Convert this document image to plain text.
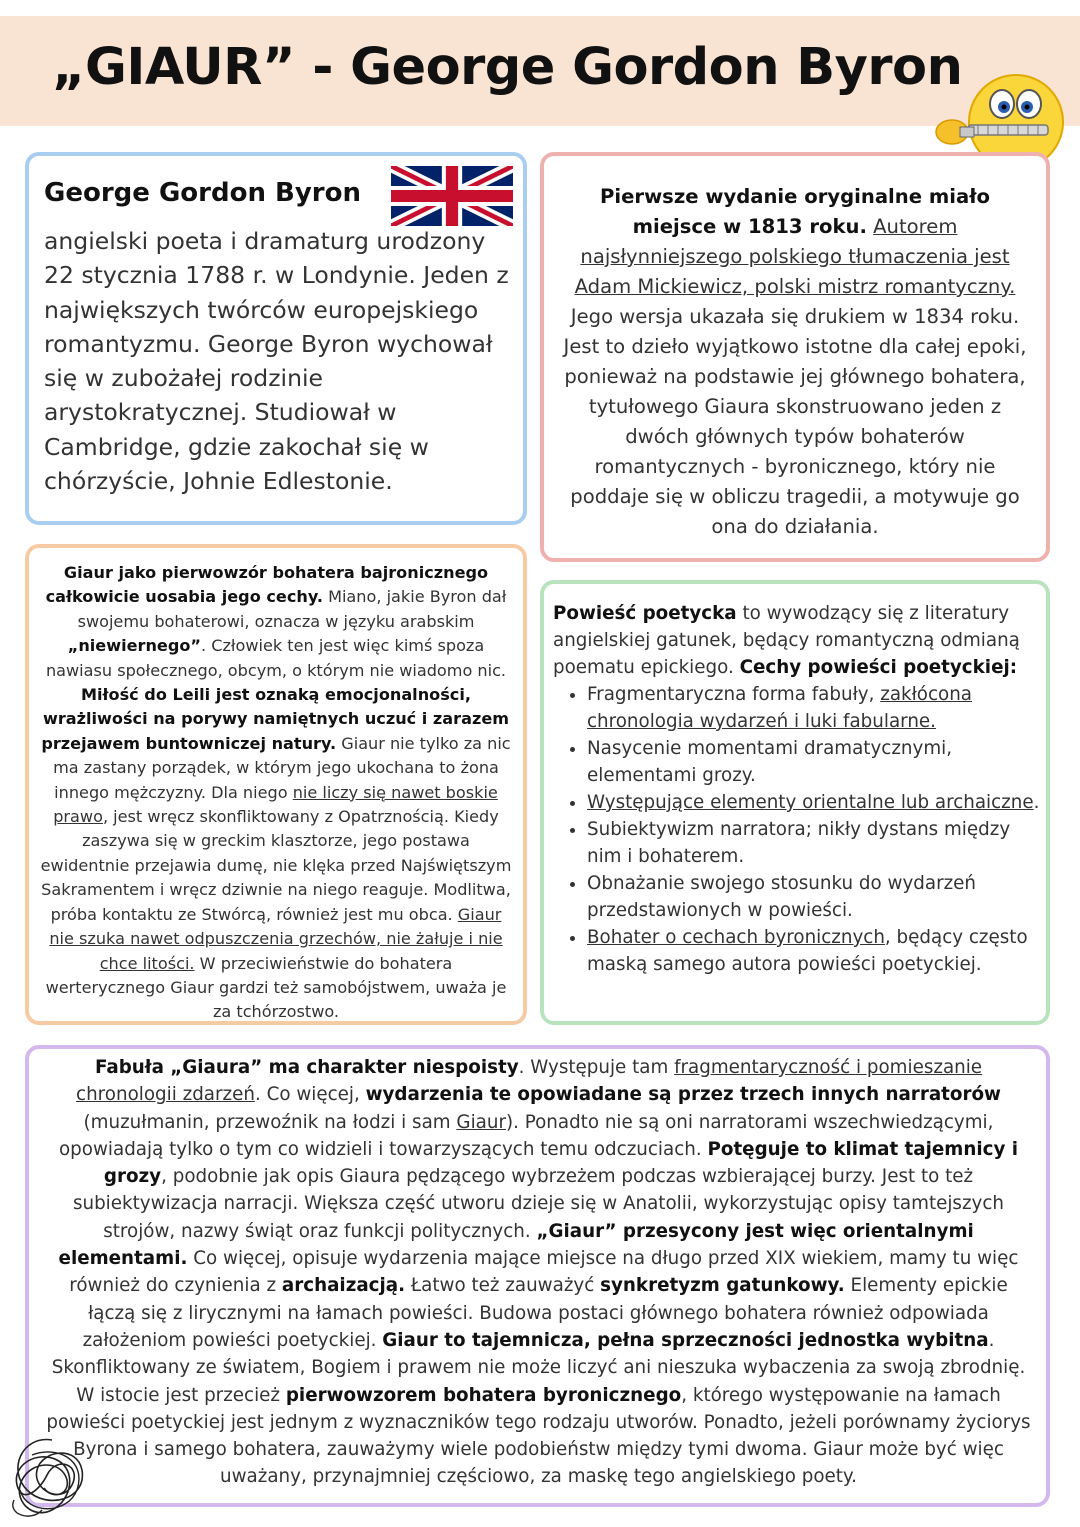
„GIAUR” - George Gordon Byron
George Gordon Byron
angielski poeta i dramaturg urodzony 22 stycznia 1788 r. w Londynie. Jeden z największych twórców europejskiego romantyzmu. George Byron wychował się w zubożałej rodzinie arystokratycznej. Studiował w Cambridge, gdzie zakochał się w chórzyście, Johnie Edlestonie.
Pierwsze wydanie oryginalne miało miejsce w 1813 roku. Autorem najsłynniejszego polskiego tłumaczenia jest Adam Mickiewicz, polski mistrz romantyczny. Jego wersja ukazała się drukiem w 1834 roku. Jest to dzieło wyjątkowo istotne dla całej epoki, ponieważ na podstawie jej głównego bohatera, tytułowego Giaura skonstruowano jeden z dwóch głównych typów bohaterów romantycznych - byronicznego, który nie poddaje się w obliczu tragedii, a motywuje go ona do działania.
Giaur jako pierwowzór bohatera bajronicznego całkowicie uosabia jego cechy. Miano, jakie Byron dał swojemu bohaterowi, oznacza w języku arabskim „niewiernego”. Człowiek ten jest więc kimś spoza nawiasu społecznego, obcym, o którym nie wiadomo nic. Miłość do Leili jest oznaką emocjonalności, wrażliwości na porywy namiętnych uczuć i zarazem przejawem buntowniczej natury. Giaur nie tylko za nic ma zastany porządek, w którym jego ukochana to żona innego mężczyzny. Dla niego nie liczy się nawet boskie prawo, jest wręcz skonfliktowany z Opatrznością. Kiedy zaszywa się w greckim klasztorze, jego postawa ewidentnie przejawia dumę, nie klęka przed Najświętszym Sakramentem i wręcz dziwnie na niego reaguje. Modlitwa, próba kontaktu ze Stwórcą, również jest mu obca. Giaur nie szuka nawet odpuszczenia grzechów, nie żałuje i nie chce litości. W przeciwieństwie do bohatera werterycznego Giaur gardzi też samobójstwem, uważa je za tchórzostwo.
Powieść poetycka to wywodzący się z literatury angielskiej gatunek, będący romantyczną odmianą poematu epickiego. Cechy powieści poetyckiej:
• Fragmentaryczna forma fabuły, zakłócona chronologia wydarzeń i luki fabularne.
• Nasycenie momentami dramatycznymi, elementami grozy.
• Występujące elementy orientalne lub archaiczne.
• Subiektywizm narratora; nikły dystans między nim i bohaterem.
• Obnażanie swojego stosunku do wydarzeń przedstawionych w powieści.
• Bohater o cechach byronicznych, będący często maską samego autora powieści poetyckiej.
Fabuła „Giaura” ma charakter niespoisty. Występuje tam fragmentaryczność i pomieszanie chronologii zdarzeń. Co więcej, wydarzenia te opowiadane są przez trzech innych narratorów (muzułmanin, przewoźnik na łodzi i sam Giaur). Ponadto nie są oni narratorami wszechwiedzącymi, opowiadają tylko o tym co widzieli i towarzyszących temu odczuciach. Potęguje to klimat tajemnicy i grozy, podobnie jak opis Giaura pędzącego wybrzeżem podczas wzbierającej burzy. Jest to też subiektywizacja narracji. Większa część utworu dzieje się w Anatolii, wykorzystując opisy tamtejszych strojów, nazwy świąt oraz funkcji politycznych. „Giaur” przesycony jest więc orientalnymi elementami. Co więcej, opisuje wydarzenia mające miejsce na długo przed XIX wiekiem, mamy tu więc również do czynienia z archaizacją. Łatwo też zauważyć synkretyzm gatunkowy. Elementy epickie łączą się z lirycznymi na łamach powieści. Budowa postaci głównego bohatera również odpowiada założeniom powieści poetyckiej. Giaur to tajemnicza, pełna sprzeczności jednostka wybitna. Skonfliktowany ze światem, Bogiem i prawem nie może liczyć ani nieszuka wybaczenia za swoją zbrodnię. W istocie jest przecież pierwowzorem bohatera byronicznego, którego występowanie na łamach powieści poetyckiej jest jednym z wyznaczników tego rodzaju utworów. Ponadto, jeżeli porównamy życiorys Byrona i samego bohatera, zauważymy wiele podobieństw między tymi dwoma. Giaur może być więc uważany, przynajmniej częściowo, za maskę tego angielskiego poety.
